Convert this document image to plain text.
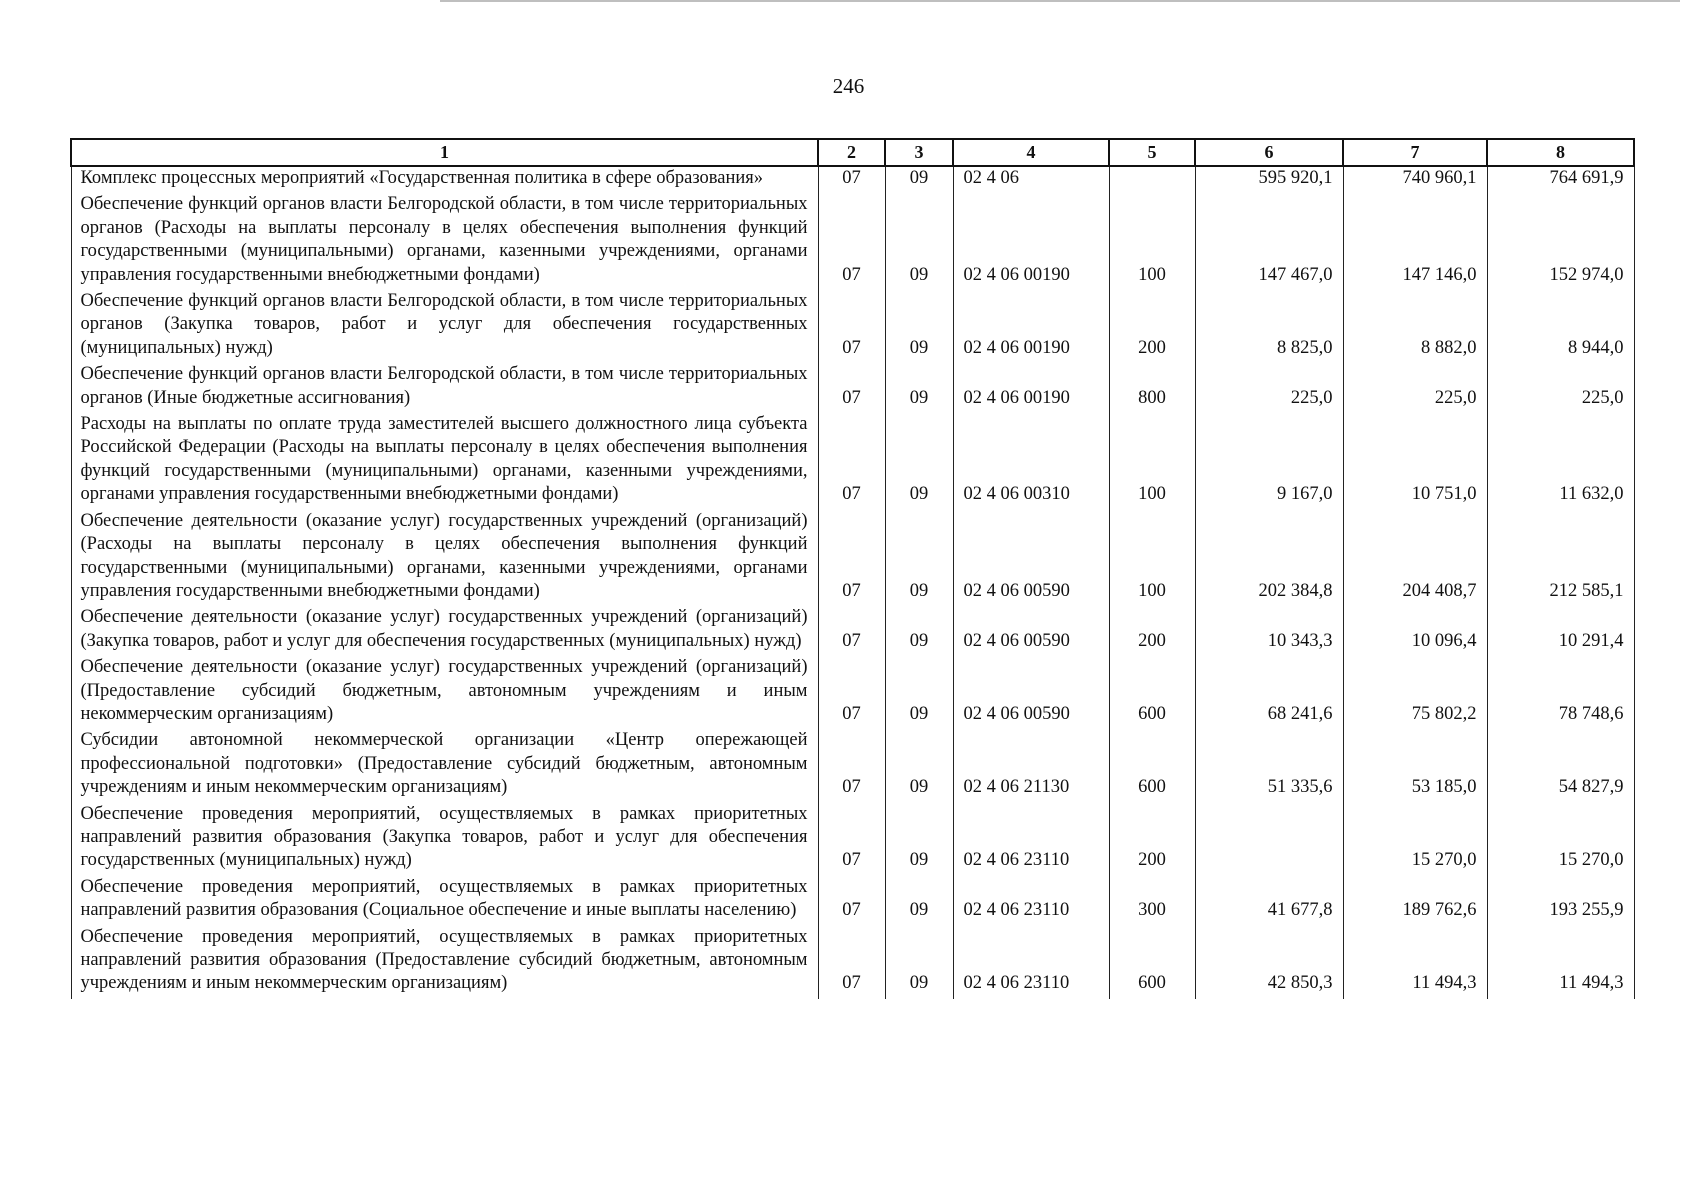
246
1	2	3	4	5	6	7	8
Комплекс процессных мероприятий «Государственная политика в сфере образования»	07	09	02 4 06		595 920,1	740 960,1	764 691,9
Обеспечение функций органов власти Белгородской области, в том числе территориальных органов (Расходы на выплаты персоналу в целях обеспечения выполнения функций государственными (муниципальными) органами, казенными учреждениями, органами управления государственными внебюджетными фондами)	07	09	02 4 06 00190	100	147 467,0	147 146,0	152 974,0
Обеспечение функций органов власти Белгородской области, в том числе территориальных органов (Закупка товаров, работ и услуг для обеспечения государственных (муниципальных) нужд)	07	09	02 4 06 00190	200	8 825,0	8 882,0	8 944,0
Обеспечение функций органов власти Белгородской области, в том числе территориальных органов (Иные бюджетные ассигнования)	07	09	02 4 06 00190	800	225,0	225,0	225,0
Расходы на выплаты по оплате труда заместителей высшего должностного лица субъекта Российской Федерации (Расходы на выплаты персоналу в целях обеспечения выполнения функций государственными (муниципальными) органами, казенными учреждениями, органами управления государственными внебюджетными фондами)	07	09	02 4 06 00310	100	9 167,0	10 751,0	11 632,0
Обеспечение деятельности (оказание услуг) государственных учреждений (организаций) (Расходы на выплаты персоналу в целях обеспечения выполнения функций государственными (муниципальными) органами, казенными учреждениями, органами управления государственными внебюджетными фондами)	07	09	02 4 06 00590	100	202 384,8	204 408,7	212 585,1
Обеспечение деятельности (оказание услуг) государственных учреждений (организаций) (Закупка товаров, работ и услуг для обеспечения государственных (муниципальных) нужд)	07	09	02 4 06 00590	200	10 343,3	10 096,4	10 291,4
Обеспечение деятельности (оказание услуг) государственных учреждений (организаций) (Предоставление субсидий бюджетным, автономным учреждениям и иным некоммерческим организациям)	07	09	02 4 06 00590	600	68 241,6	75 802,2	78 748,6
Субсидии автономной некоммерческой организации «Центр опережающей профессиональной подготовки» (Предоставление субсидий бюджетным, автономным учреждениям и иным некоммерческим организациям)	07	09	02 4 06 21130	600	51 335,6	53 185,0	54 827,9
Обеспечение проведения мероприятий, осуществляемых в рамках приоритетных направлений развития образования (Закупка товаров, работ и услуг для обеспечения государственных (муниципальных) нужд)	07	09	02 4 06 23110	200		15 270,0	15 270,0
Обеспечение проведения мероприятий, осуществляемых в рамках приоритетных направлений развития образования (Социальное обеспечение и иные выплаты населению)	07	09	02 4 06 23110	300	41 677,8	189 762,6	193 255,9
Обеспечение проведения мероприятий, осуществляемых в рамках приоритетных направлений развития образования (Предоставление субсидий бюджетным, автономным учреждениям и иным некоммерческим организациям)	07	09	02 4 06 23110	600	42 850,3	11 494,3	11 494,3
